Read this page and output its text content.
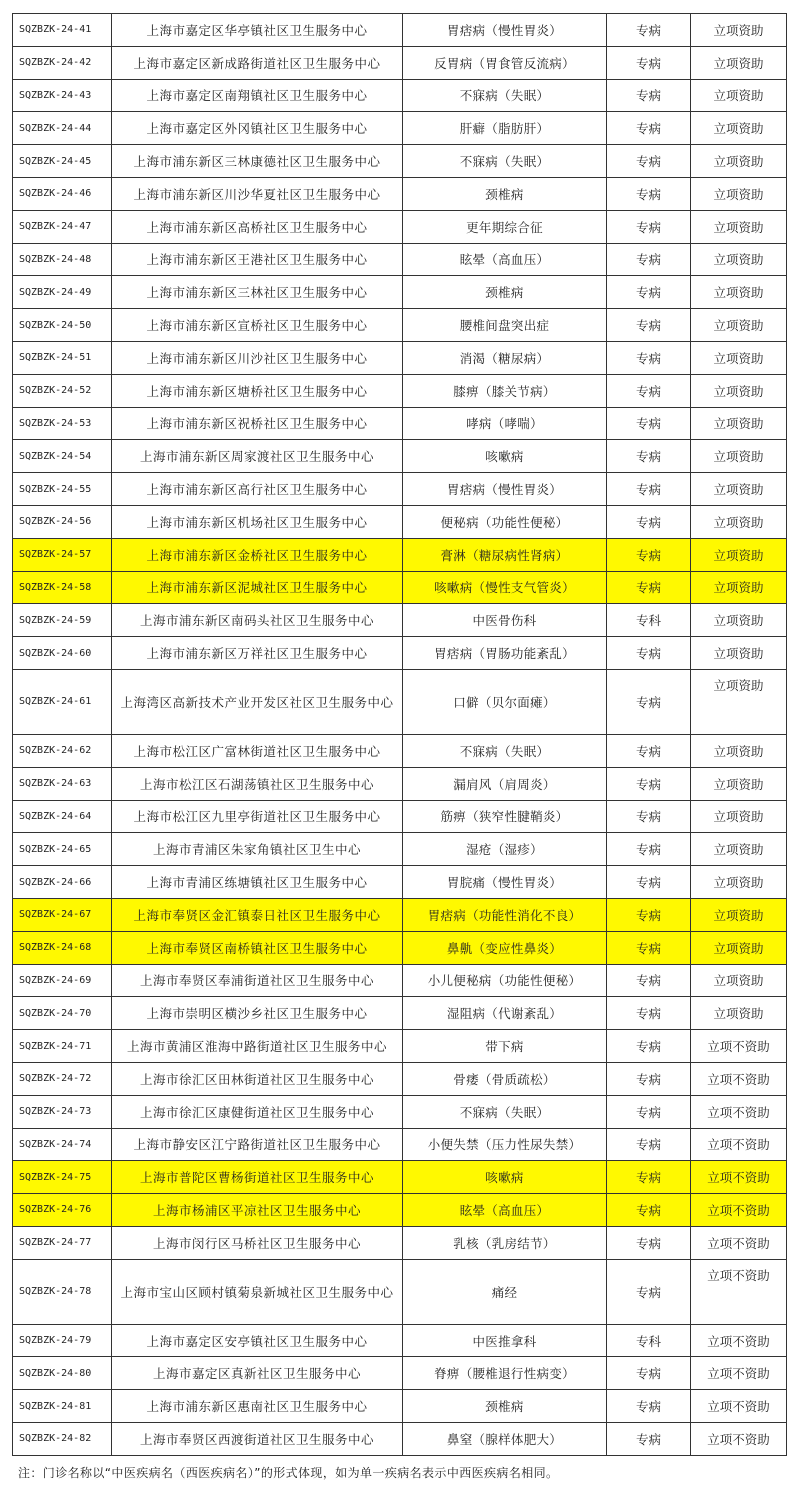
SQZBZK-24-41	上海市嘉定区华亭镇社区卫生服务中心	胃痞病（慢性胃炎）	专病	立项资助
SQZBZK-24-42	上海市嘉定区新成路街道社区卫生服务中心	反胃病（胃食管反流病）	专病	立项资助
SQZBZK-24-43	上海市嘉定区南翔镇社区卫生服务中心	不寐病（失眠）	专病	立项资助
SQZBZK-24-44	上海市嘉定区外冈镇社区卫生服务中心	肝癖（脂肪肝）	专病	立项资助
SQZBZK-24-45	上海市浦东新区三林康德社区卫生服务中心	不寐病（失眠）	专病	立项资助
SQZBZK-24-46	上海市浦东新区川沙华夏社区卫生服务中心	颈椎病	专病	立项资助
SQZBZK-24-47	上海市浦东新区高桥社区卫生服务中心	更年期综合征	专病	立项资助
SQZBZK-24-48	上海市浦东新区王港社区卫生服务中心	眩晕（高血压）	专病	立项资助
SQZBZK-24-49	上海市浦东新区三林社区卫生服务中心	颈椎病	专病	立项资助
SQZBZK-24-50	上海市浦东新区宣桥社区卫生服务中心	腰椎间盘突出症	专病	立项资助
SQZBZK-24-51	上海市浦东新区川沙社区卫生服务中心	消渴（糖尿病）	专病	立项资助
SQZBZK-24-52	上海市浦东新区塘桥社区卫生服务中心	膝痹（膝关节病）	专病	立项资助
SQZBZK-24-53	上海市浦东新区祝桥社区卫生服务中心	哮病（哮喘）	专病	立项资助
SQZBZK-24-54	上海市浦东新区周家渡社区卫生服务中心	咳嗽病	专病	立项资助
SQZBZK-24-55	上海市浦东新区高行社区卫生服务中心	胃痞病（慢性胃炎）	专病	立项资助
SQZBZK-24-56	上海市浦东新区机场社区卫生服务中心	便秘病（功能性便秘）	专病	立项资助
SQZBZK-24-57	上海市浦东新区金桥社区卫生服务中心	膏淋（糖尿病性肾病）	专病	立项资助
SQZBZK-24-58	上海市浦东新区泥城社区卫生服务中心	咳嗽病（慢性支气管炎）	专病	立项资助
SQZBZK-24-59	上海市浦东新区南码头社区卫生服务中心	中医骨伤科	专科	立项资助
SQZBZK-24-60	上海市浦东新区万祥社区卫生服务中心	胃痞病（胃肠功能紊乱）	专病	立项资助
SQZBZK-24-61	上海湾区高新技术产业开发区社区卫生服务中心	口僻（贝尔面瘫）	专病	立项资助
SQZBZK-24-62	上海市松江区广富林街道社区卫生服务中心	不寐病（失眠）	专病	立项资助
SQZBZK-24-63	上海市松江区石湖荡镇社区卫生服务中心	漏肩风（肩周炎）	专病	立项资助
SQZBZK-24-64	上海市松江区九里亭街道社区卫生服务中心	筋痹（狭窄性腱鞘炎）	专病	立项资助
SQZBZK-24-65	上海市青浦区朱家角镇社区卫生中心	湿疮（湿疹）	专病	立项资助
SQZBZK-24-66	上海市青浦区练塘镇社区卫生服务中心	胃脘痛（慢性胃炎）	专病	立项资助
SQZBZK-24-67	上海市奉贤区金汇镇泰日社区卫生服务中心	胃痞病（功能性消化不良）	专病	立项资助
SQZBZK-24-68	上海市奉贤区南桥镇社区卫生服务中心	鼻鼽（变应性鼻炎）	专病	立项资助
SQZBZK-24-69	上海市奉贤区奉浦街道社区卫生服务中心	小儿便秘病（功能性便秘）	专病	立项资助
SQZBZK-24-70	上海市崇明区横沙乡社区卫生服务中心	湿阻病（代谢紊乱）	专病	立项资助
SQZBZK-24-71	上海市黄浦区淮海中路街道社区卫生服务中心	带下病	专病	立项不资助
SQZBZK-24-72	上海市徐汇区田林街道社区卫生服务中心	骨痿（骨质疏松）	专病	立项不资助
SQZBZK-24-73	上海市徐汇区康健街道社区卫生服务中心	不寐病（失眠）	专病	立项不资助
SQZBZK-24-74	上海市静安区江宁路街道社区卫生服务中心	小便失禁（压力性尿失禁）	专病	立项不资助
SQZBZK-24-75	上海市普陀区曹杨街道社区卫生服务中心	咳嗽病	专病	立项不资助
SQZBZK-24-76	上海市杨浦区平凉社区卫生服务中心	眩晕（高血压）	专病	立项不资助
SQZBZK-24-77	上海市闵行区马桥社区卫生服务中心	乳核（乳房结节）	专病	立项不资助
SQZBZK-24-78	上海市宝山区顾村镇菊泉新城社区卫生服务中心	痛经	专病	立项不资助
SQZBZK-24-79	上海市嘉定区安亭镇社区卫生服务中心	中医推拿科	专科	立项不资助
SQZBZK-24-80	上海市嘉定区真新社区卫生服务中心	脊痹（腰椎退行性病变）	专病	立项不资助
SQZBZK-24-81	上海市浦东新区惠南社区卫生服务中心	颈椎病	专病	立项不资助
SQZBZK-24-82	上海市奉贤区西渡街道社区卫生服务中心	鼻窒（腺样体肥大）	专病	立项不资助
注：门诊名称以“中医疾病名（西医疾病名）”的形式体现，如为单一疾病名表示中西医疾病名相同。
